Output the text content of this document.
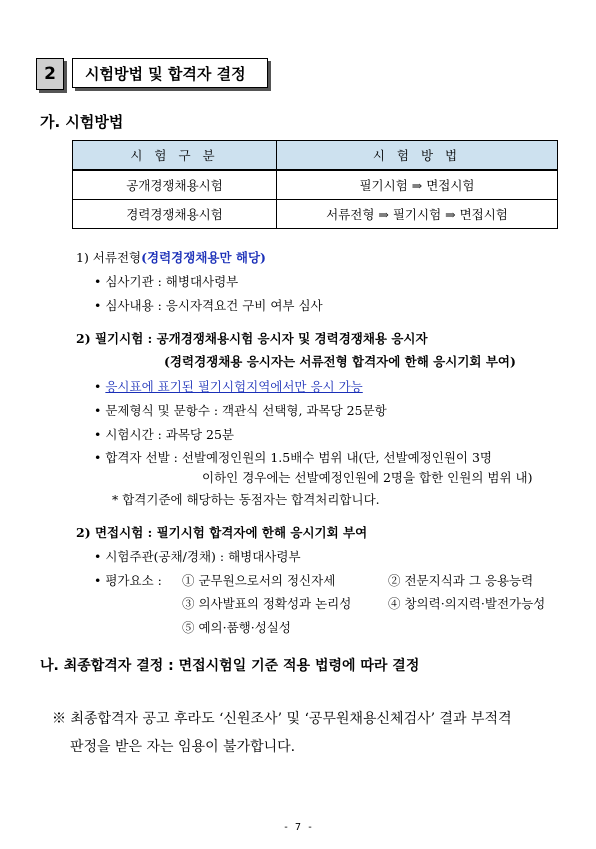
2	시험방법 및 합격자 결정
가. 시험방법
시 험 구 분	시 험 방 법
공개경쟁채용시험	필기시험 ⇒ 면접시험
경력경쟁채용시험	서류전형 ⇒ 필기시험 ⇒ 면접시험
1) 서류전형(경력경쟁채용만 해당)
• 심사기관 : 해병대사령부
• 심사내용 : 응시자격요건 구비 여부 심사
2) 필기시험 : 공개경쟁채용시험 응시자 및 경력경쟁채용 응시자
(경력경쟁채용 응시자는 서류전형 합격자에 한해 응시기회 부여)
• 응시표에 표기된 필기시험지역에서만 응시 가능
• 문제형식 및 문항수 : 객관식 선택형, 과목당 25문항
• 시험시간 : 과목당 25분
• 합격자 선발 : 선발예정인원의 1.5배수 범위 내(단, 선발예정인원이 3명
이하인 경우에는 선발예정인원에 2명을 합한 인원의 범위 내)
* 합격기준에 해당하는 동점자는 합격처리합니다.
2) 면접시험 : 필기시험 합격자에 한해 응시기회 부여
• 시험주관(공채/경채) : 해병대사령부
• 평가요소 : ① 군무원으로서의 정신자세	② 전문지식과 그 응용능력
③ 의사발표의 정확성과 논리성	④ 창의력·의지력·발전가능성
⑤ 예의·품행·성실성
나. 최종합격자 결정 : 면접시험일 기준 적용 법령에 따라 결정
※ 최종합격자 공고 후라도 ‘신원조사’ 및 ‘공무원채용신체검사’ 결과 부적격
판정을 받은 자는 임용이 불가합니다.
- 7 -
